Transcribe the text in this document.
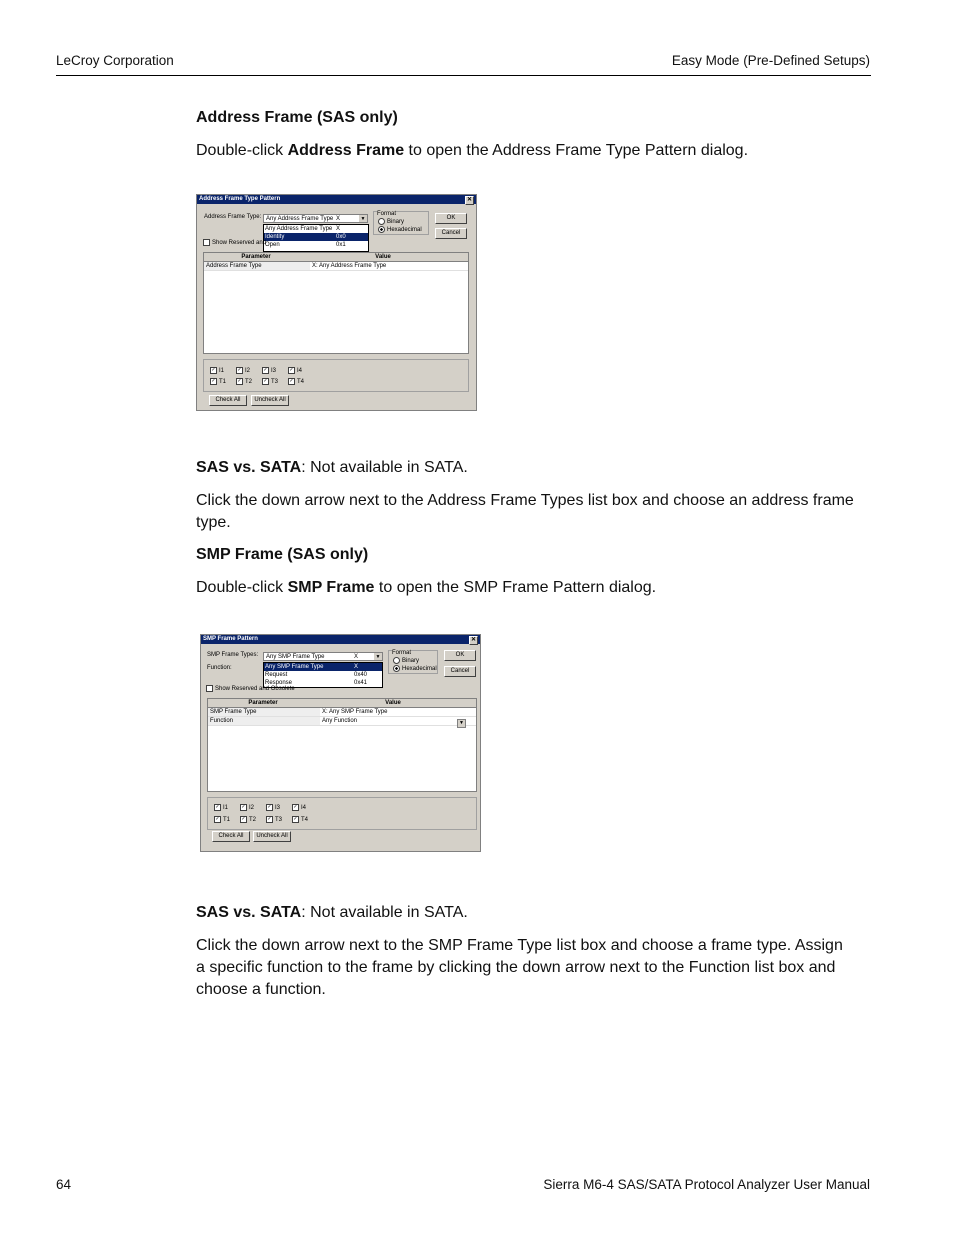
LeCroy Corporation	Easy Mode (Pre-Defined Setups)
Address Frame (SAS only)
Double-click Address Frame to open the Address Frame Type Pattern dialog.
Address Frame Type Pattern	✕
Address Frame Type: Any Address Frame Type X	▼
Any Address Frame Type X
Identity	0x0
Open	0x1
Show Reserved and
Format
Binary
Hexadecimal
OK
Cancel
Parameter	Value
Address Frame Type	X: Any Address Frame Type
✓ I1	✓ I2	✓ I3	✓ I4
✓ T1 ✓ T2 ✓ T3 ✓ T4
Check All	Uncheck All
SAS vs. SATA: Not available in SATA.
Click the down arrow next to the Address Frame Types list box and choose an address frame type.
SMP Frame (SAS only)
Double-click SMP Frame to open the SMP Frame Pattern dialog.
SMP Frame Pattern	✕
SMP Frame Types:
Function:
Any SMP Frame Type	X	▼
Any SMP Frame Type	X
Request	0x40
Response	0x41
Show Reserved and Obsolete
Format
Binary
Hexadecimal
OK
Cancel
Parameter	Value
SMP Frame Type	X: Any SMP Frame Type
Function	Any Function	▼
✓ I1	✓ I2	✓ I3	✓ I4
✓ T1 ✓ T2 ✓ T3 ✓ T4
Check All	Uncheck All
SAS vs. SATA: Not available in SATA.
Click the down arrow next to the SMP Frame Type list box and choose a frame type. Assign a specific function to the frame by clicking the down arrow next to the Function list box and choose a function.
64	Sierra M6-4 SAS/SATA Protocol Analyzer User Manual
